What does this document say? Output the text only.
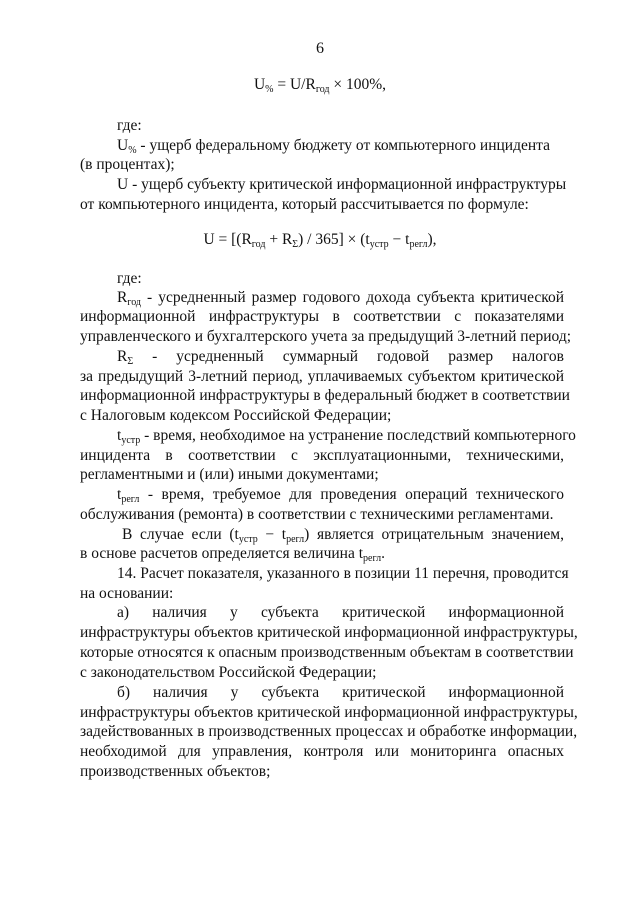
6
$U_{\%} = U/R_{год} \times 100\%$,
где:
$U_{\%}$ - ущерб федеральному бюджету от компьютерного инцидента
(в процентах);
U - ущерб субъекту критической информационной инфраструктуры
от компьютерного инцидента, который рассчитывается по формуле:
$U = [(R_{год} + R_\Sigma) / 365] \times (t_{устр} - t_{регл})$,
где:
$R_{год}$ - усредненный размер годового дохода субъекта критической
информационной инфраструктуры в соответствии с показателями
управленческого и бухгалтерского учета за предыдущий 3-летний период;
$R_\Sigma$ - усредненный суммарный годовой размер налогов
за предыдущий 3-летний период, уплачиваемых субъектом критической
информационной инфраструктуры в федеральный бюджет в соответствии
с Налоговым кодексом Российской Федерации;
$t_{устр}$ - время, необходимое на устранение последствий компьютерного
инцидента в соответствии с эксплуатационными, техническими,
регламентными и (или) иными документами;
$t_{регл}$ - время, требуемое для проведения операций технического
обслуживания (ремонта) в соответствии с техническими регламентами.
В случае если $(t_{устр} - t_{регл})$ является отрицательным значением,
в основе расчетов определяется величина $t_{регл}$.
14. Расчет показателя, указанного в позиции 11 перечня, проводится
на основании:
а) наличия у субъекта критической информационной
инфраструктуры объектов критической информационной инфраструктуры,
которые относятся к опасным производственным объектам в соответствии
с законодательством Российской Федерации;
б) наличия у субъекта критической информационной
инфраструктуры объектов критической информационной инфраструктуры,
задействованных в производственных процессах и обработке информации,
необходимой для управления, контроля или мониторинга опасных
производственных объектов;
